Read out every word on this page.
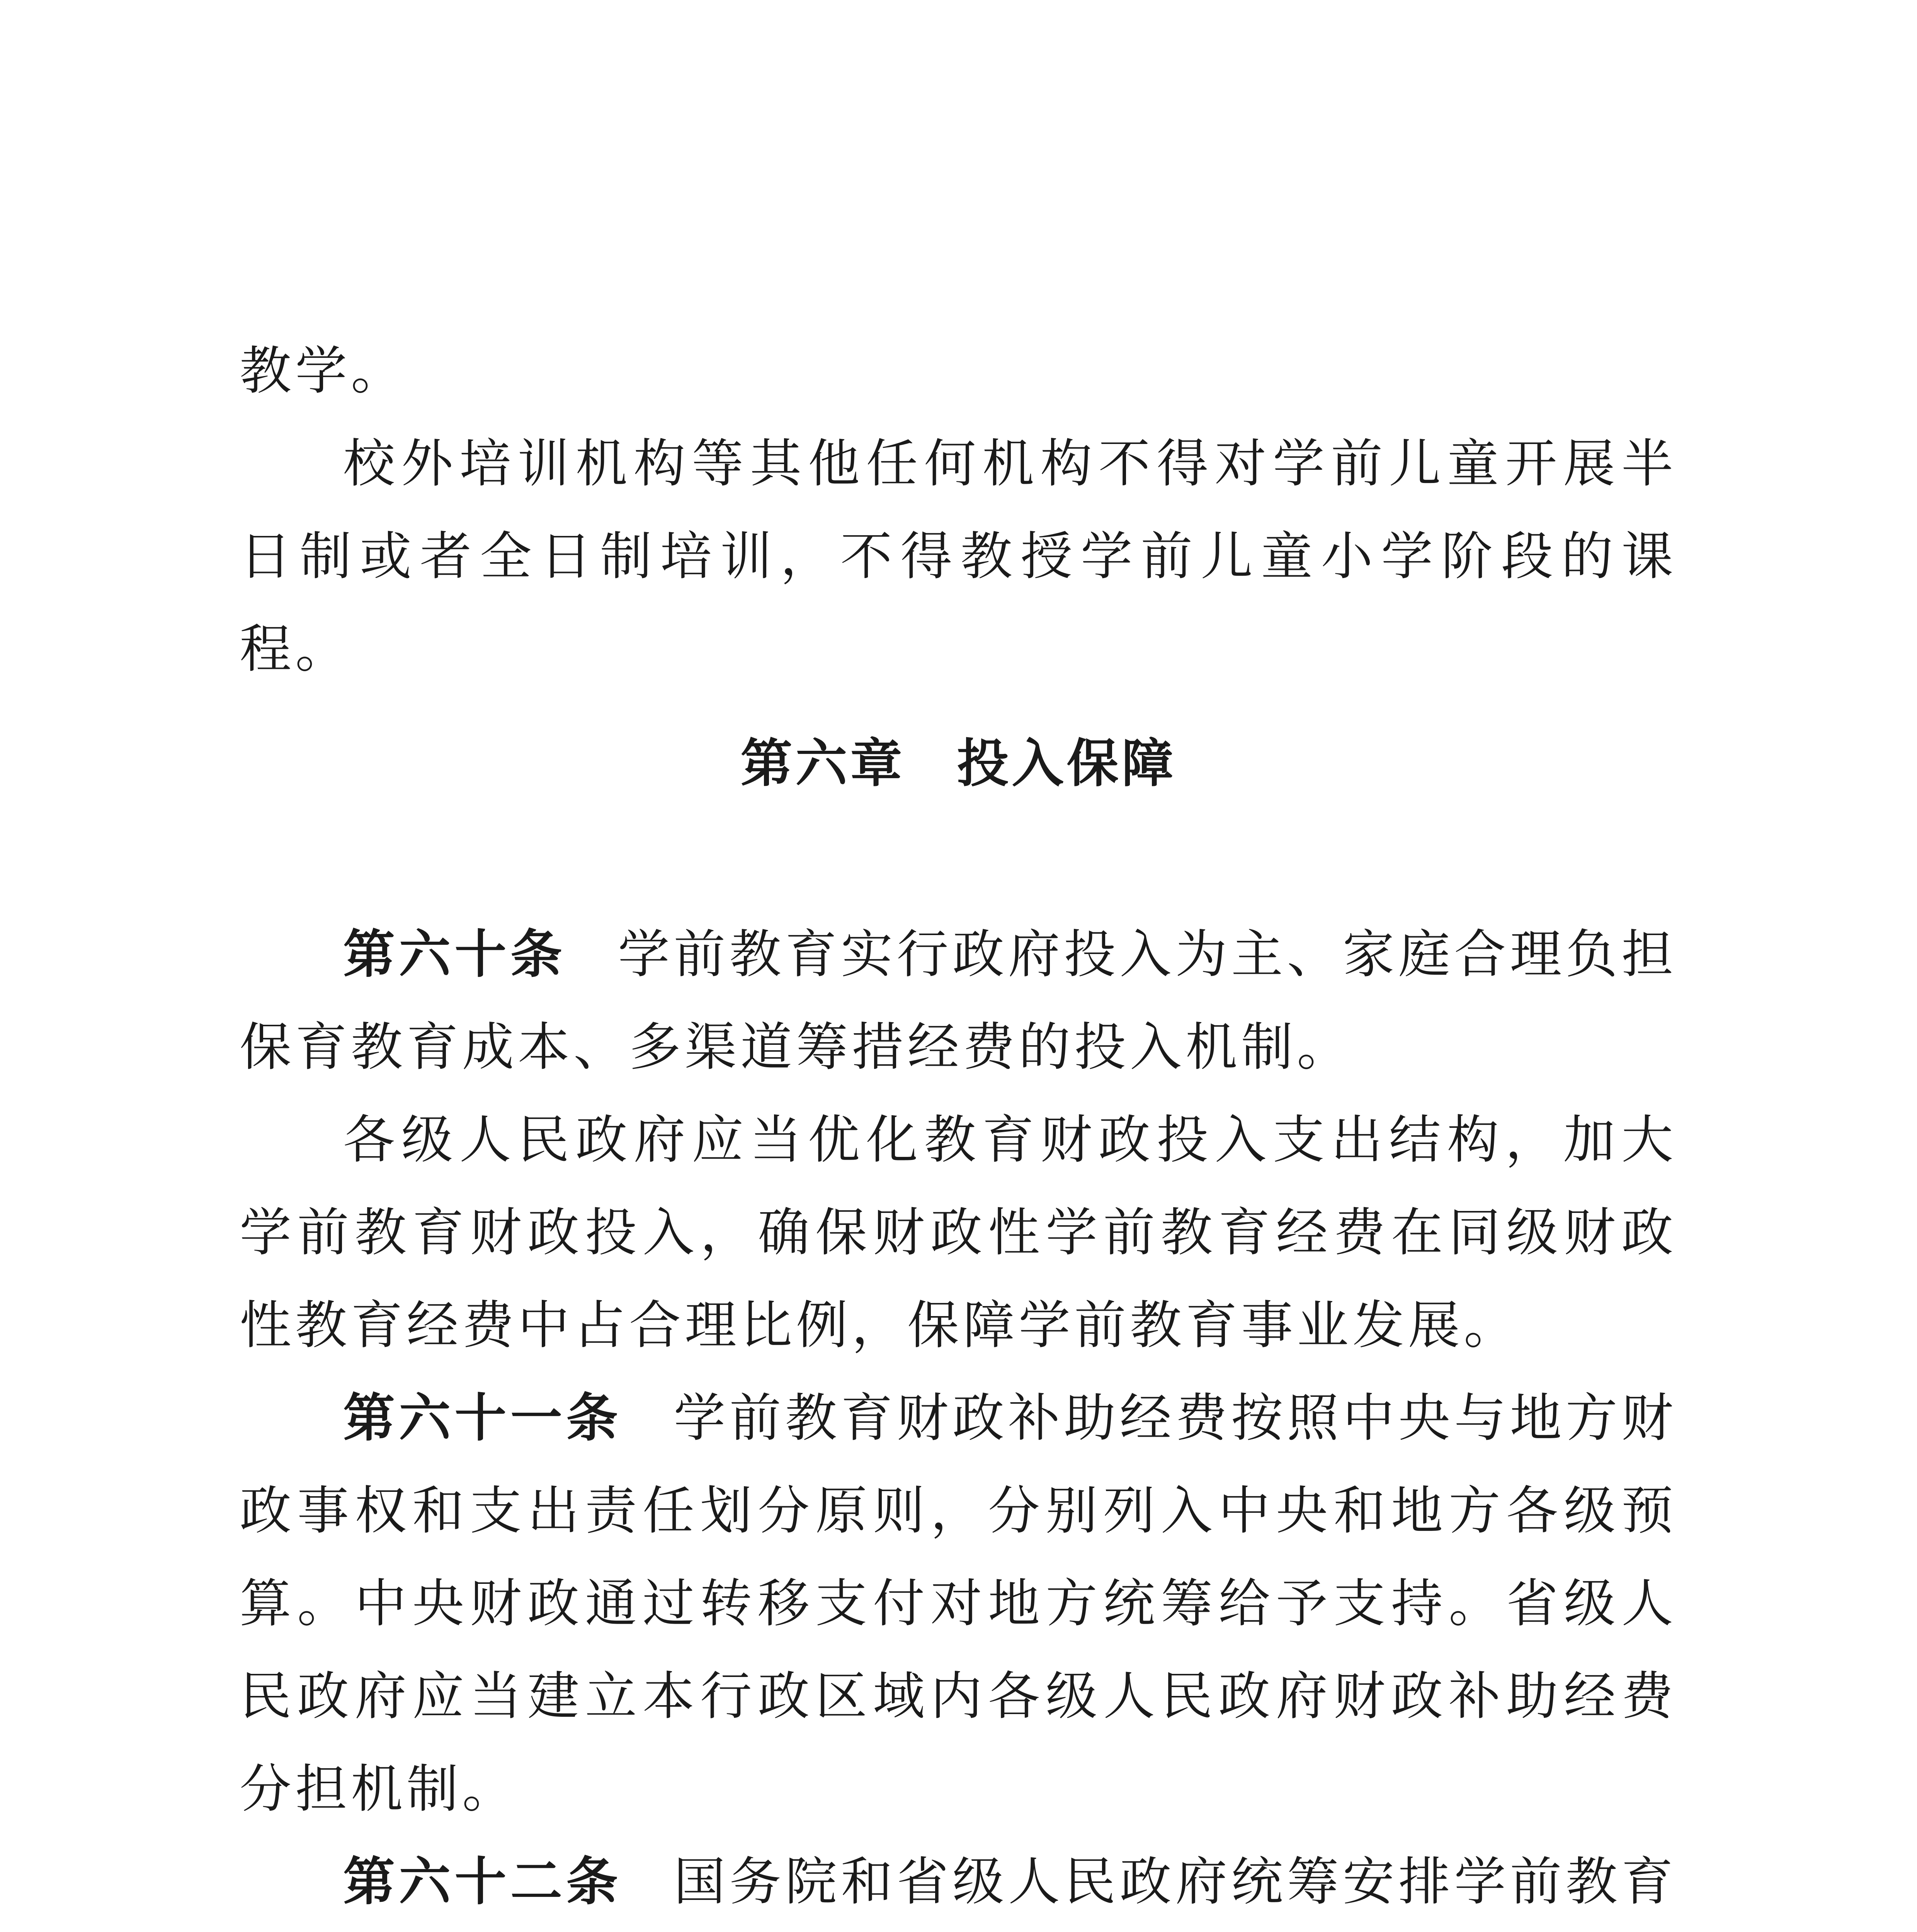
教学。

校外培训机构等其他任何机构不得对学前儿童开展半日制或者全日制培训，不得教授学前儿童小学阶段的课程。

第六章 投入保障

第六十条 学前教育实行政府投入为主、家庭合理负担保育教育成本、多渠道筹措经费的投入机制。

各级人民政府应当优化教育财政投入支出结构，加大学前教育财政投入，确保财政性学前教育经费在同级财政性教育经费中占合理比例，保障学前教育事业发展。

第六十一条 学前教育财政补助经费按照中央与地方财政事权和支出责任划分原则，分别列入中央和地方各级预算。中央财政通过转移支付对地方统筹给予支持。省级人民政府应当建立本行政区域内各级人民政府财政补助经费分担机制。

第六十二条 国务院和省级人民政府统筹安排学前教育
